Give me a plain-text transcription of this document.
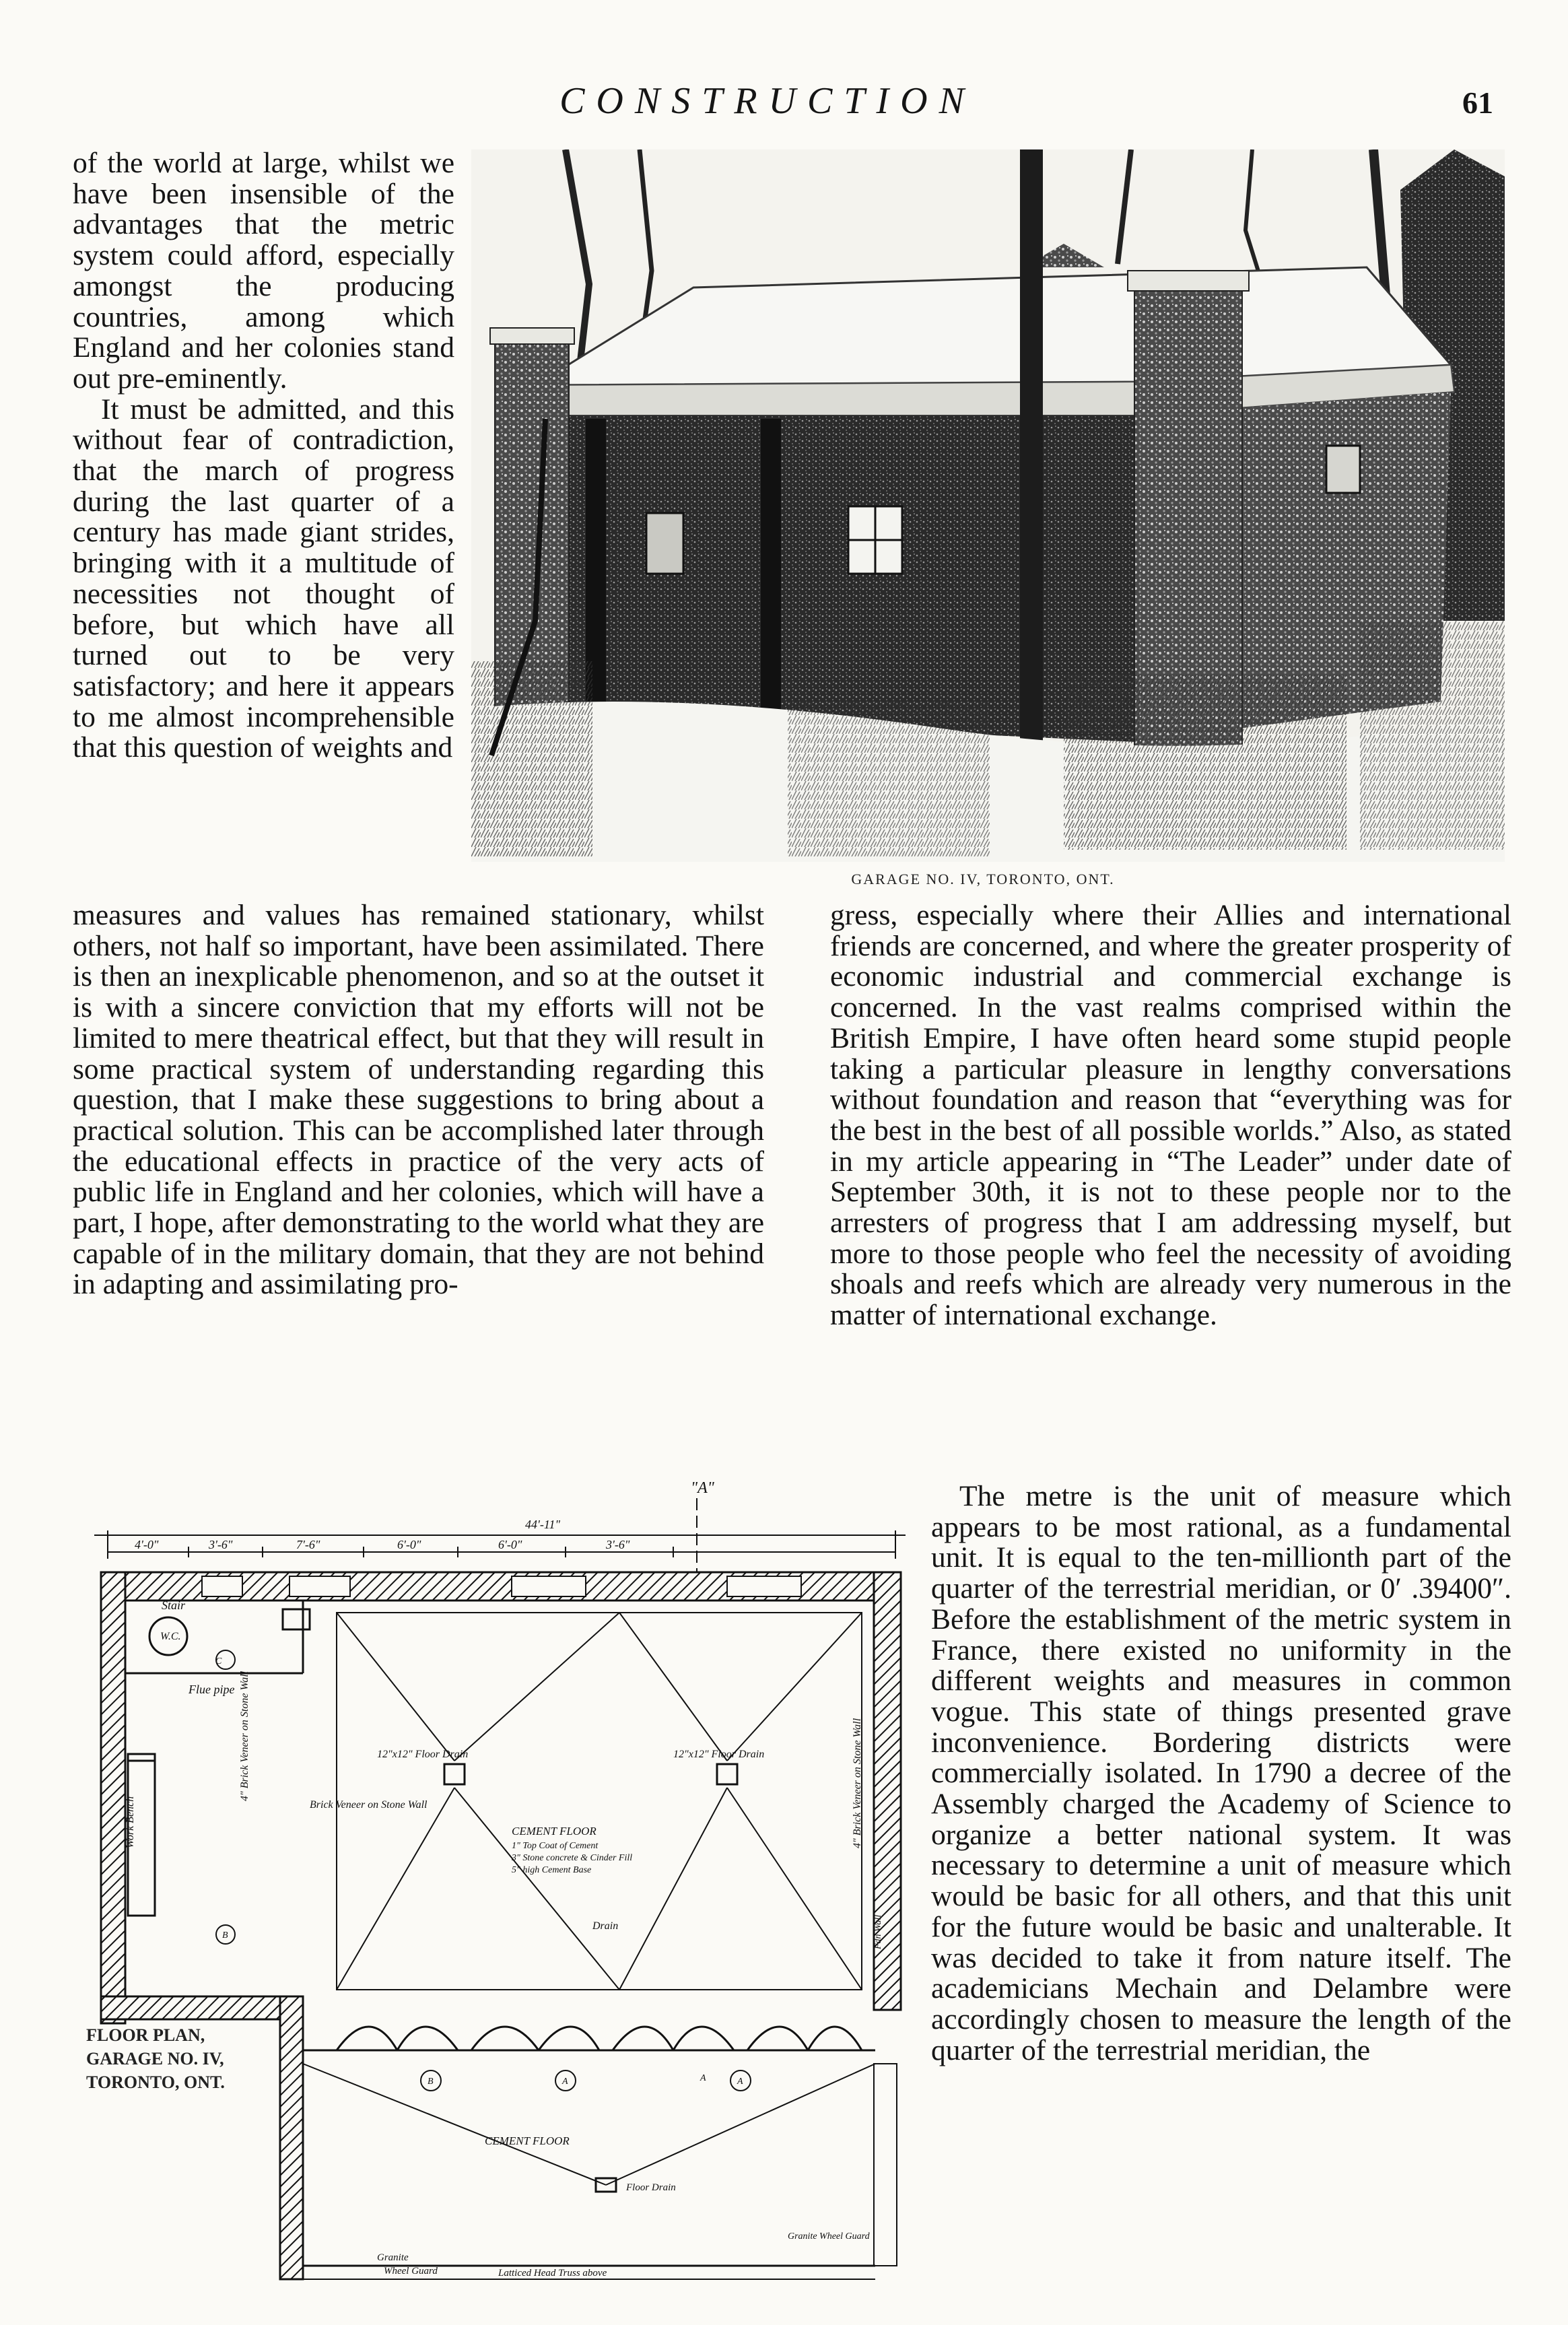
CONSTRUCTION	61

of the world at large, whilst we have been insensible of the advantages that the metric system could afford, especially amongst the producing countries, among which England and her colonies stand out pre-eminently.

It must be admitted, and this without fear of contradiction, that the march of progress during the last quarter of a century has made giant strides, bringing with it a multitude of necessities not thought of before, but which have all turned out to be very satisfactory; and here it appears to me almost incomprehensible that this question of weights and

GARAGE NO. IV, TORONTO, ONT.

measures and values has remained stationary, whilst others, not half so important, have been assimilated. There is then an inexplicable phenomenon, and so at the outset it is with a sincere conviction that my efforts will not be limited to mere theatrical effect, but that they will result in some practical system of understanding regarding this question, that I make these suggestions to bring about a practical solution. This can be accomplished later through the educational effects in practice of the very acts of public life in England and her colonies, which will have a part, I hope, after demonstrating to the world what they are capable of in the military domain, that they are not behind in adapting and assimilating pro-

gress, especially where their Allies and international friends are concerned, and where the greater prosperity of economic industrial and commercial exchange is concerned. In the vast realms comprised within the British Empire, I have often heard some stupid people taking a particular pleasure in lengthy conversations without foundation and reason that “everything was for the best in the best of all possible worlds.” Also, as stated in my article appearing in “The Leader” under date of September 30th, it is not to these people nor to the arresters of progress that I am addressing myself, but more to those people who feel the necessity of avoiding shoals and reefs which are already very numerous in the matter of international exchange.

The metre is the unit of measure which appears to be most rational, as a fundamental unit. It is equal to the ten-millionth part of the quarter of the terrestrial meridian, or 0′ .39400″. Before the establishment of the metric system in France, there existed no uniformity in the different weights and measures in common vogue. This state of things presented grave inconvenience. Bordering districts were commercially isolated. In 1790 a decree of the Assembly charged the Academy of Science to organize a better national system. It was necessary to determine a unit of measure which would be basic for all others, and that this unit for the future would be basic and unalterable. It was decided to take it from nature itself. The academicians Mechain and Delambre were accordingly chosen to measure the length of the quarter of the terrestrial meridian, the

"A"
44'-11"
4'-0"	3'-6"	7'-6"	6'-0"	6'-0"	3'-6"
Stair
W.C.
C
Flue pipe
Work Bench
4" Brick Veneer on Stone Wall	4" Brick Veneer on Stone Wall
12"x12" Floor Drain	12"x12" Floor Drain
Brick Veneer on Stone Wall
CEMENT FLOOR
1" Top Coat of Cement
3" Stone concrete & Cinder Fill
5" high Cement Base
Drain
B	A	A
B
A
CEMENT FLOOR
Floor Drain
Granite
Wheel Guard	Latticed Head Truss above
Granite Wheel Guard
Fdn Wall
FLOOR PLAN,
GARAGE NO. IV,
TORONTO, ONT.
